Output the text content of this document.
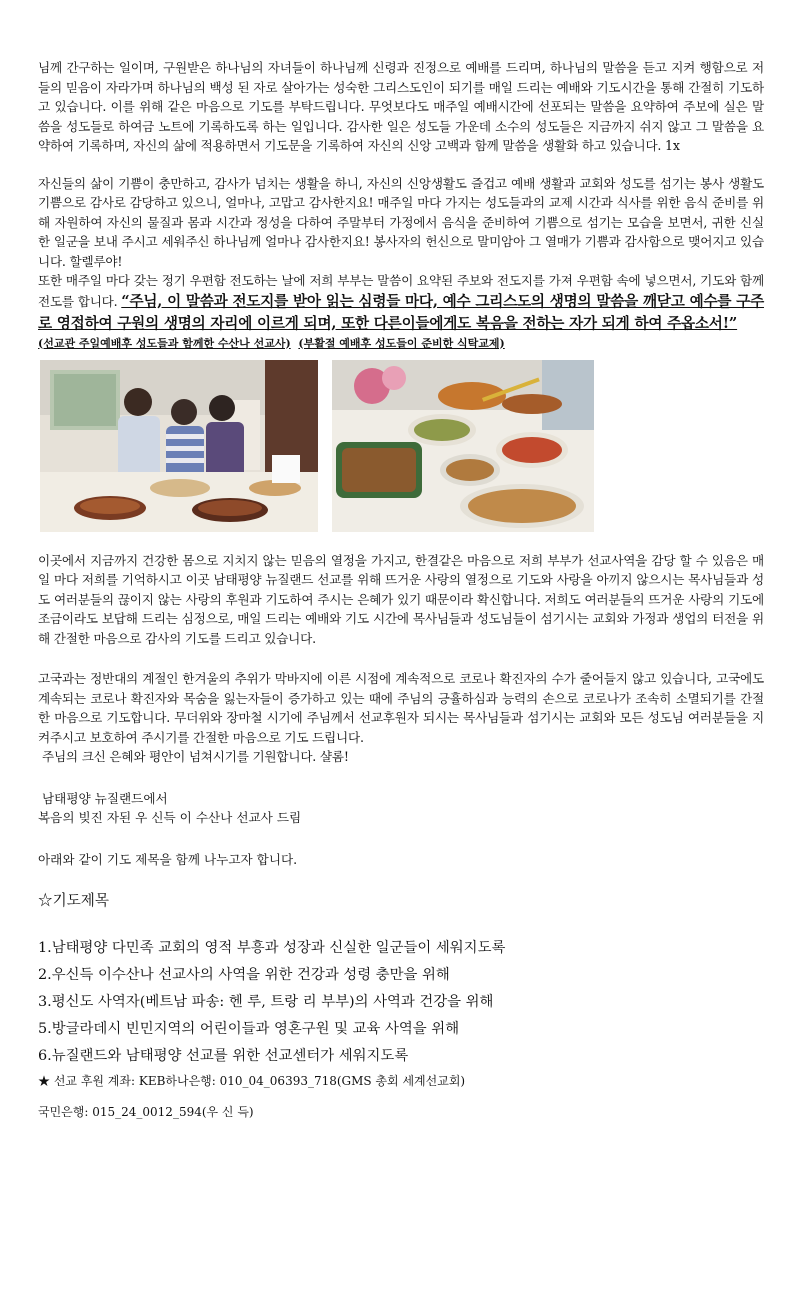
님께 간구하는 일이며, 구원받은 하나님의 자녀들이 하나님께 신령과 진정으로 예배를 드리며, 하나님의 말씀을 듣고 지켜 행함으로 저들의 믿음이 자라가며 하나님의 백성 된 자로 살아가는 성숙한 그리스도인이 되기를 매일 드리는 예배와 기도시간을 통해 간절히 기도하고 있습니다. 이를 위해 같은 마음으로 기도를 부탁드립니다. 무엇보다도 매주일 예배시간에 선포되는 말씀을 요약하여 주보에 실은 말씀을 성도들로 하여금 노트에 기록하도록 하는 일입니다. 감사한 일은 성도들 가운데 소수의 성도들은 지금까지 쉬지 않고 그 말씀을 요약하여 기록하며, 자신의 삶에 적용하면서 기도문을 기록하여 자신의 신앙 고백과 함께 말씀을 생활화 하고 있습니다. 1x

자신들의 삶이 기쁨이 충만하고, 감사가 넘치는 생활을 하니, 자신의 신앙생활도 즐겁고 예배 생활과 교회와 성도를 섬기는 봉사 생활도 기쁨으로 감사로 감당하고 있으니, 얼마나, 고맙고 감사한지요! 매주일 마다 가지는 성도들과의 교제 시간과 식사를 위한 음식 준비를 위해 자원하여 자신의 물질과 몸과 시간과 정성을 다하여 주말부터 가정에서 음식을 준비하여 기쁨으로 섬기는 모습을 보면서, 귀한 신실한 일군을 보내 주시고 세워주신 하나님께 얼마나 감사한지요! 봉사자의 헌신으로 말미암아 그 열매가 기쁨과 감사함으로 맺어지고 있습니다. 할렐루야!

또한 매주일 마다 갖는 정기 우편함 전도하는 날에 저희 부부는 말씀이 요약된 주보와 전도지를 가져 우편함 속에 넣으면서, 기도와 함께 전도를 합니다. “주님, 이 말씀과 전도지를 받아 읽는 심령들 마다, 예수 그리스도의 생명의 말씀을 깨닫고 예수를 구주로 영접하여 구원의 생명의 자리에 이르게 되며, 또한 다른이들에게도 복음을 전하는 자가 되게 하여 주옵소서!”

(선교관 주일예배후 성도들과 함께한 수산나 선교사) (부활절 예배후 성도들이 준비한 식탁교제)

이곳에서 지금까지 건강한 몸으로 지치지 않는 믿음의 열정을 가지고, 한결같은 마음으로 저희 부부가 선교사역을 감당 할 수 있음은 매일 마다 저희를 기억하시고 이곳 남태평양 뉴질랜드 선교를 위해 뜨거운 사랑의 열정으로 기도와 사랑을 아끼지 않으시는 목사님들과 성도 여러분들의 끊이지 않는 사랑의 후원과 기도하여 주시는 은혜가 있기 때문이라 확신합니다. 저희도 여러분들의 뜨거운 사랑의 기도에 조금이라도 보답해 드리는 심정으로, 매일 드리는 예배와 기도 시간에 목사님들과 성도님들이 섬기시는 교회와 가정과 생업의 터전을 위해 간절한 마음으로 감사의 기도를 드리고 있습니다.

고국과는 정반대의 계절인 한겨울의 추위가 막바지에 이른 시점에 계속적으로 코로나 확진자의 수가 줄어들지 않고 있습니다, 고국에도 계속되는 코로나 확진자와 목숨을 잃는자들이 증가하고 있는 때에 주님의 긍휼하심과 능력의 손으로 코로나가 조속히 소멸되기를 간절한 마음으로 기도합니다. 무더위와 장마철 시기에 주님께서 선교후원자 되시는 목사님들과 섬기시는 교회와 모든 성도님 여러분들을 지켜주시고 보호하여 주시기를 간절한 마음으로 기도 드립니다.

주님의 크신 은혜와 평안이 넘쳐시기를 기원합니다. 샬롬!

남태평양 뉴질랜드에서
복음의 빚진 자된 우 신득 이 수산나 선교사 드림
아래와 같이 기도 제목을 함께 나누고자 합니다.
☆기도제목
1.남태평양 다민족 교회의 영적 부흥과 성장과 신실한 일군들이 세워지도록
2.우신득 이수산나 선교사의 사역을 위한 건강과 성령 충만을 위해
3.평신도 사역자(베트남 파송: 헨 루, 트랑 리 부부)의 사역과 건강을 위해
5.방글라데시 빈민지역의 어린이들과 영혼구원 및 교육 사역을 위해
6.뉴질랜드와 남태평양 선교를 위한 선교센터가 세워지도록
★ 선교 후원 계좌: KEB하나은행: 010_04_06393_718(GMS 총회 세계선교회)
국민은행: 015_24_0012_594(우 신 득)
